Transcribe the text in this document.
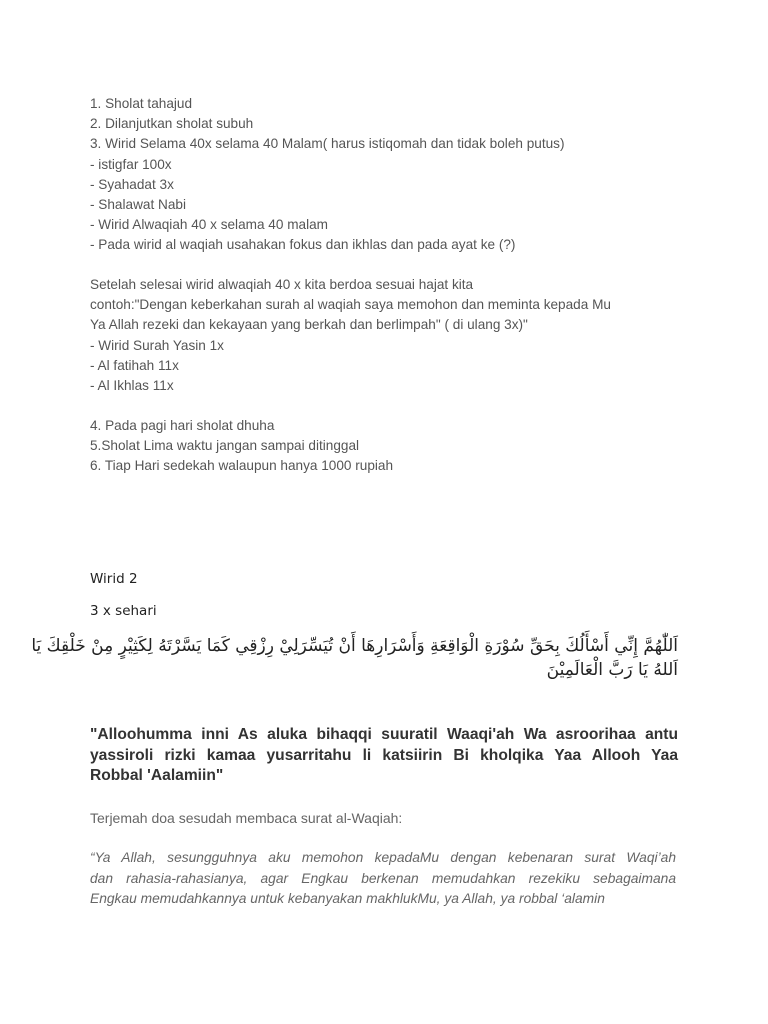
1. Sholat tahajud
2. Dilanjutkan sholat subuh
3. Wirid Selama 40x selama 40 Malam( harus istiqomah dan tidak boleh putus)
- istigfar 100x
- Syahadat 3x
- Shalawat Nabi
- Wirid Alwaqiah 40 x selama 40 malam
- Pada wirid al waqiah usahakan fokus dan ikhlas dan pada ayat ke (?)
Setelah selesai wirid alwaqiah 40 x kita berdoa sesuai hajat kita
contoh:"Dengan keberkahan surah al waqiah saya memohon dan meminta kepada Mu
Ya Allah rezeki dan kekayaan yang berkah dan berlimpah" ( di ulang 3x)"
- Wirid Surah Yasin 1x
- Al fatihah 11x
- Al Ikhlas 11x
4. Pada pagi hari sholat dhuha
5.Sholat Lima waktu jangan sampai ditinggal
6. Tiap Hari sedekah walaupun hanya 1000 rupiah
Wirid 2
3 x sehari
اَللّٰهُمَّ إِنِّي أَسْأَلُكَ بِحَقِّ سُوْرَةِ الْوَاقِعَةِ وَأَسْرَارِهَا أَنْ تُيَسِّرَلِيْ رِزْقِي كَمَا يَسَّرْتَهُ لِكَثِيْرٍ مِنْ خَلْقِكَ يَا
اَللهُ يَا رَبَّ الْعَالَمِيْنَ
"Alloohumma inni As aluka bihaqqi suuratil Waaqi'ah Wa asroorihaa antu
yassiroli rizki kamaa yusarritahu li katsiirin Bi kholqika Yaa Allooh Yaa
Robbal 'Aalamiin"
Terjemah doa sesudah membaca surat al-Waqiah:
“Ya Allah, sesungguhnya aku memohon kepadaMu dengan kebenaran surat Waqi’ah
dan rahasia-rahasianya, agar Engkau berkenan memudahkan rezekiku sebagaimana
Engkau memudahkannya untuk kebanyakan makhlukMu, ya Allah, ya robbal ‘alamin
